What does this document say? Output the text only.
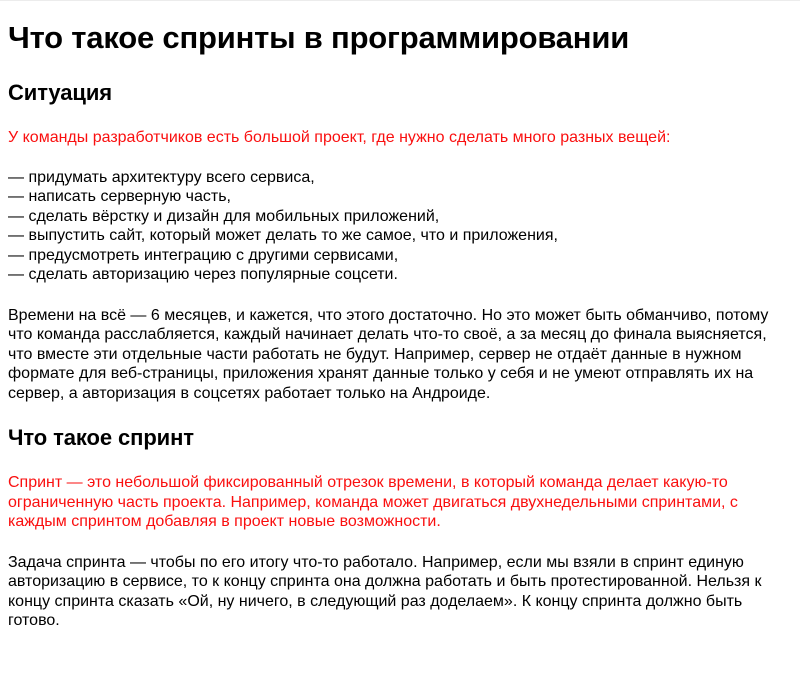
Что такое спринты в программировании
Ситуация

У команды разработчиков есть большой проект, где нужно сделать много разных вещей:

— придумать архитектуру всего сервиса,
— написать серверную часть,
— сделать вёрстку и дизайн для мобильных приложений,
— выпустить сайт, который может делать то же самое, что и приложения,
— предусмотреть интеграцию с другими сервисами,
— сделать авторизацию через популярные соцсети.

Времени на всё — 6 месяцев, и кажется, что этого достаточно. Но это может быть обманчиво, потому что команда расслабляется, каждый начинает делать что-то своё, а за месяц до финала выясняется, что вместе эти отдельные части работать не будут. Например, сервер не отдаёт данные в нужном формате для веб-страницы, приложения хранят данные только у себя и не умеют отправлять их на сервер, а авторизация в соцсетях работает только на Андроиде.

Что такое спринт

Спринт — это небольшой фиксированный отрезок времени, в который команда делает какую-то ограниченную часть проекта. Например, команда может двигаться двухнедельными спринтами, с каждым спринтом добавляя в проект новые возможности.

Задача спринта — чтобы по его итогу что-то работало. Например, если мы взяли в спринт единую авторизацию в сервисе, то к концу спринта она должна работать и быть протестированной. Нельзя к концу спринта сказать «Ой, ну ничего, в следующий раз доделаем». К концу спринта должно быть готово.
